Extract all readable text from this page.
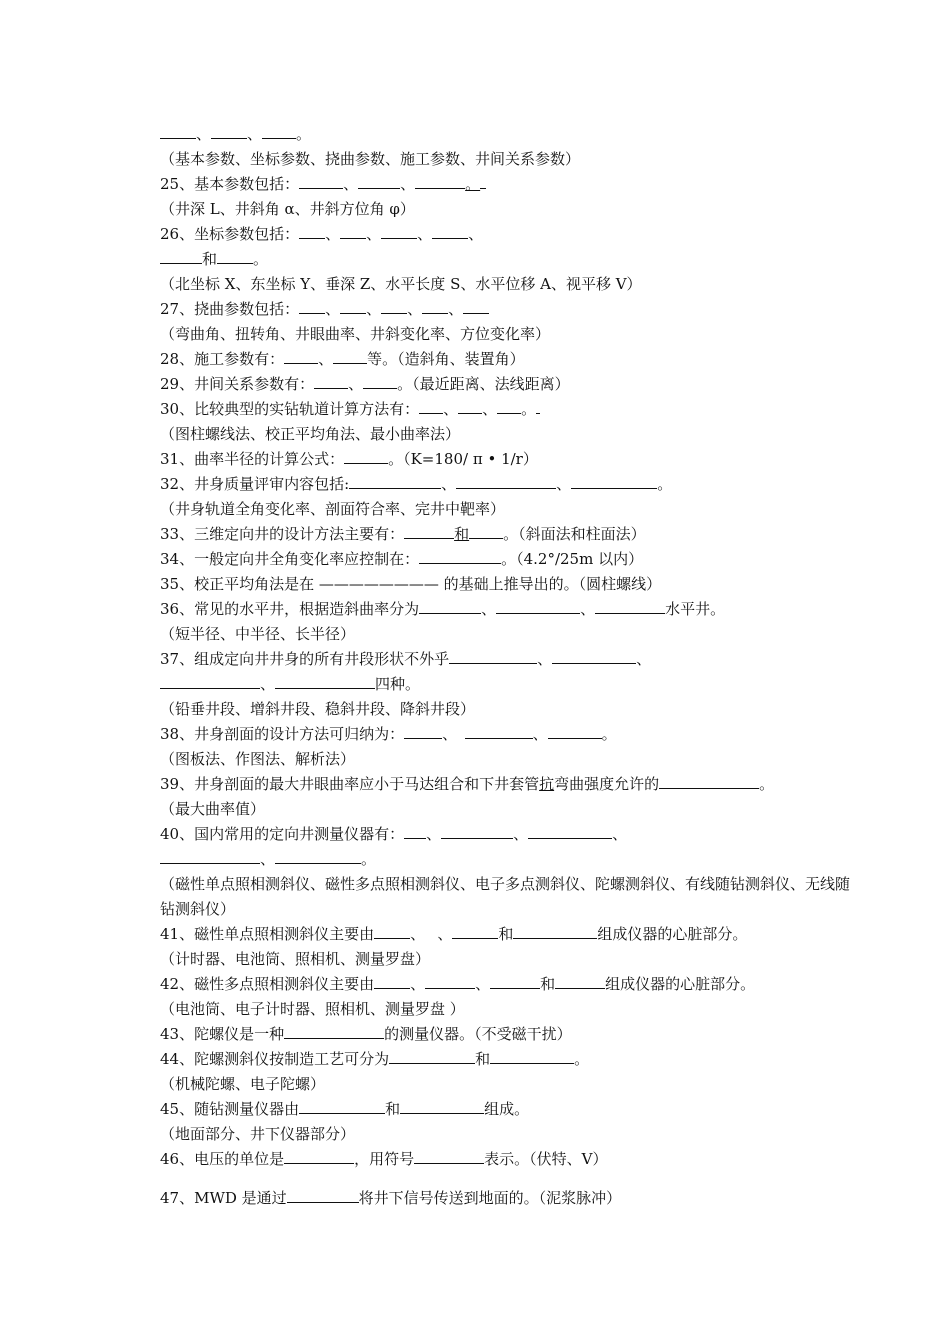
、 、 。
（基本参数、坐标参数、挠曲参数、施工参数、井间关系参数）
25、基本参数包括：	、	、	。
（井深 L、井斜角 α、井斜方位角 φ）
26、坐标参数包括： 、 、 、 、
和 。
（北坐标 X、东坐标 Y、垂深 Z、水平长度 S、水平位移 A、视平移 V）
27、挠曲参数包括： 、 、 、 、
（弯曲角、扭转角、井眼曲率、井斜变化率、方位变化率）
28、施工参数有： 、 等。（造斜角、装置角）
29、井间关系参数有： 、 。（最近距离、法线距离）
30、比较典型的实钻轨道计算方法有： 、 、 。
（图柱螺线法、校正平均角法、最小曲率法）
31、曲率半径的计算公式：	。（K=180/ π • 1/r）
32、井身质量评审内容包括:	、	、	。
（井身轨道全角变化率、剖面符合率、完井中靶率）
33、三维定向井的设计方法主要有：	和 。（斜面法和柱面法）
34、一般定向井全角变化率应控制在：	。（4.2°/25m 以内）
35、校正平均角法是在 ———————— 的基础上推导出的。（圆柱螺线）
36、常见的水平井，根据造斜曲率分为	、	、	水平井。
（短半径、中半径、长半径）
37、组成定向井井身的所有井段形状不外乎	、	、
、	四种。
（铅垂井段、增斜井段、稳斜井段、降斜井段）
38、井身剖面的设计方法可归纳为：	、　	、	。
（图板法、作图法、解析法）
39、井身剖面的最大井眼曲率应小于马达组合和下井套管抗弯曲强度允许的	。
（最大曲率值）
40、国内常用的定向井测量仪器有： 、	、	、
、	。
（磁性单点照相测斜仪、磁性多点照相测斜仪、电子多点测斜仪、陀螺测斜仪、有线随钻测斜仪、无线随钻测斜仪）
41、磁性单点照相测斜仪主要由 、　 、	和	组成仪器的心脏部分。
（计时器、电池筒、照相机、测量罗盘）
42、磁性多点照相测斜仪主要由 、	、	和	组成仪器的心脏部分。
（电池筒、电子计时器、照相机、测量罗盘 ）
43、陀螺仪是一种	的测量仪器。（不受磁干扰）
44、陀螺测斜仪按制造工艺可分为	和	。
（机械陀螺、电子陀螺）
45、随钻测量仪器由	和	组成。
（地面部分、井下仪器部分）
46、电压的单位是	，用符号	表示。（伏特、V）
47、MWD 是通过	将井下信号传送到地面的。（泥浆脉冲）
